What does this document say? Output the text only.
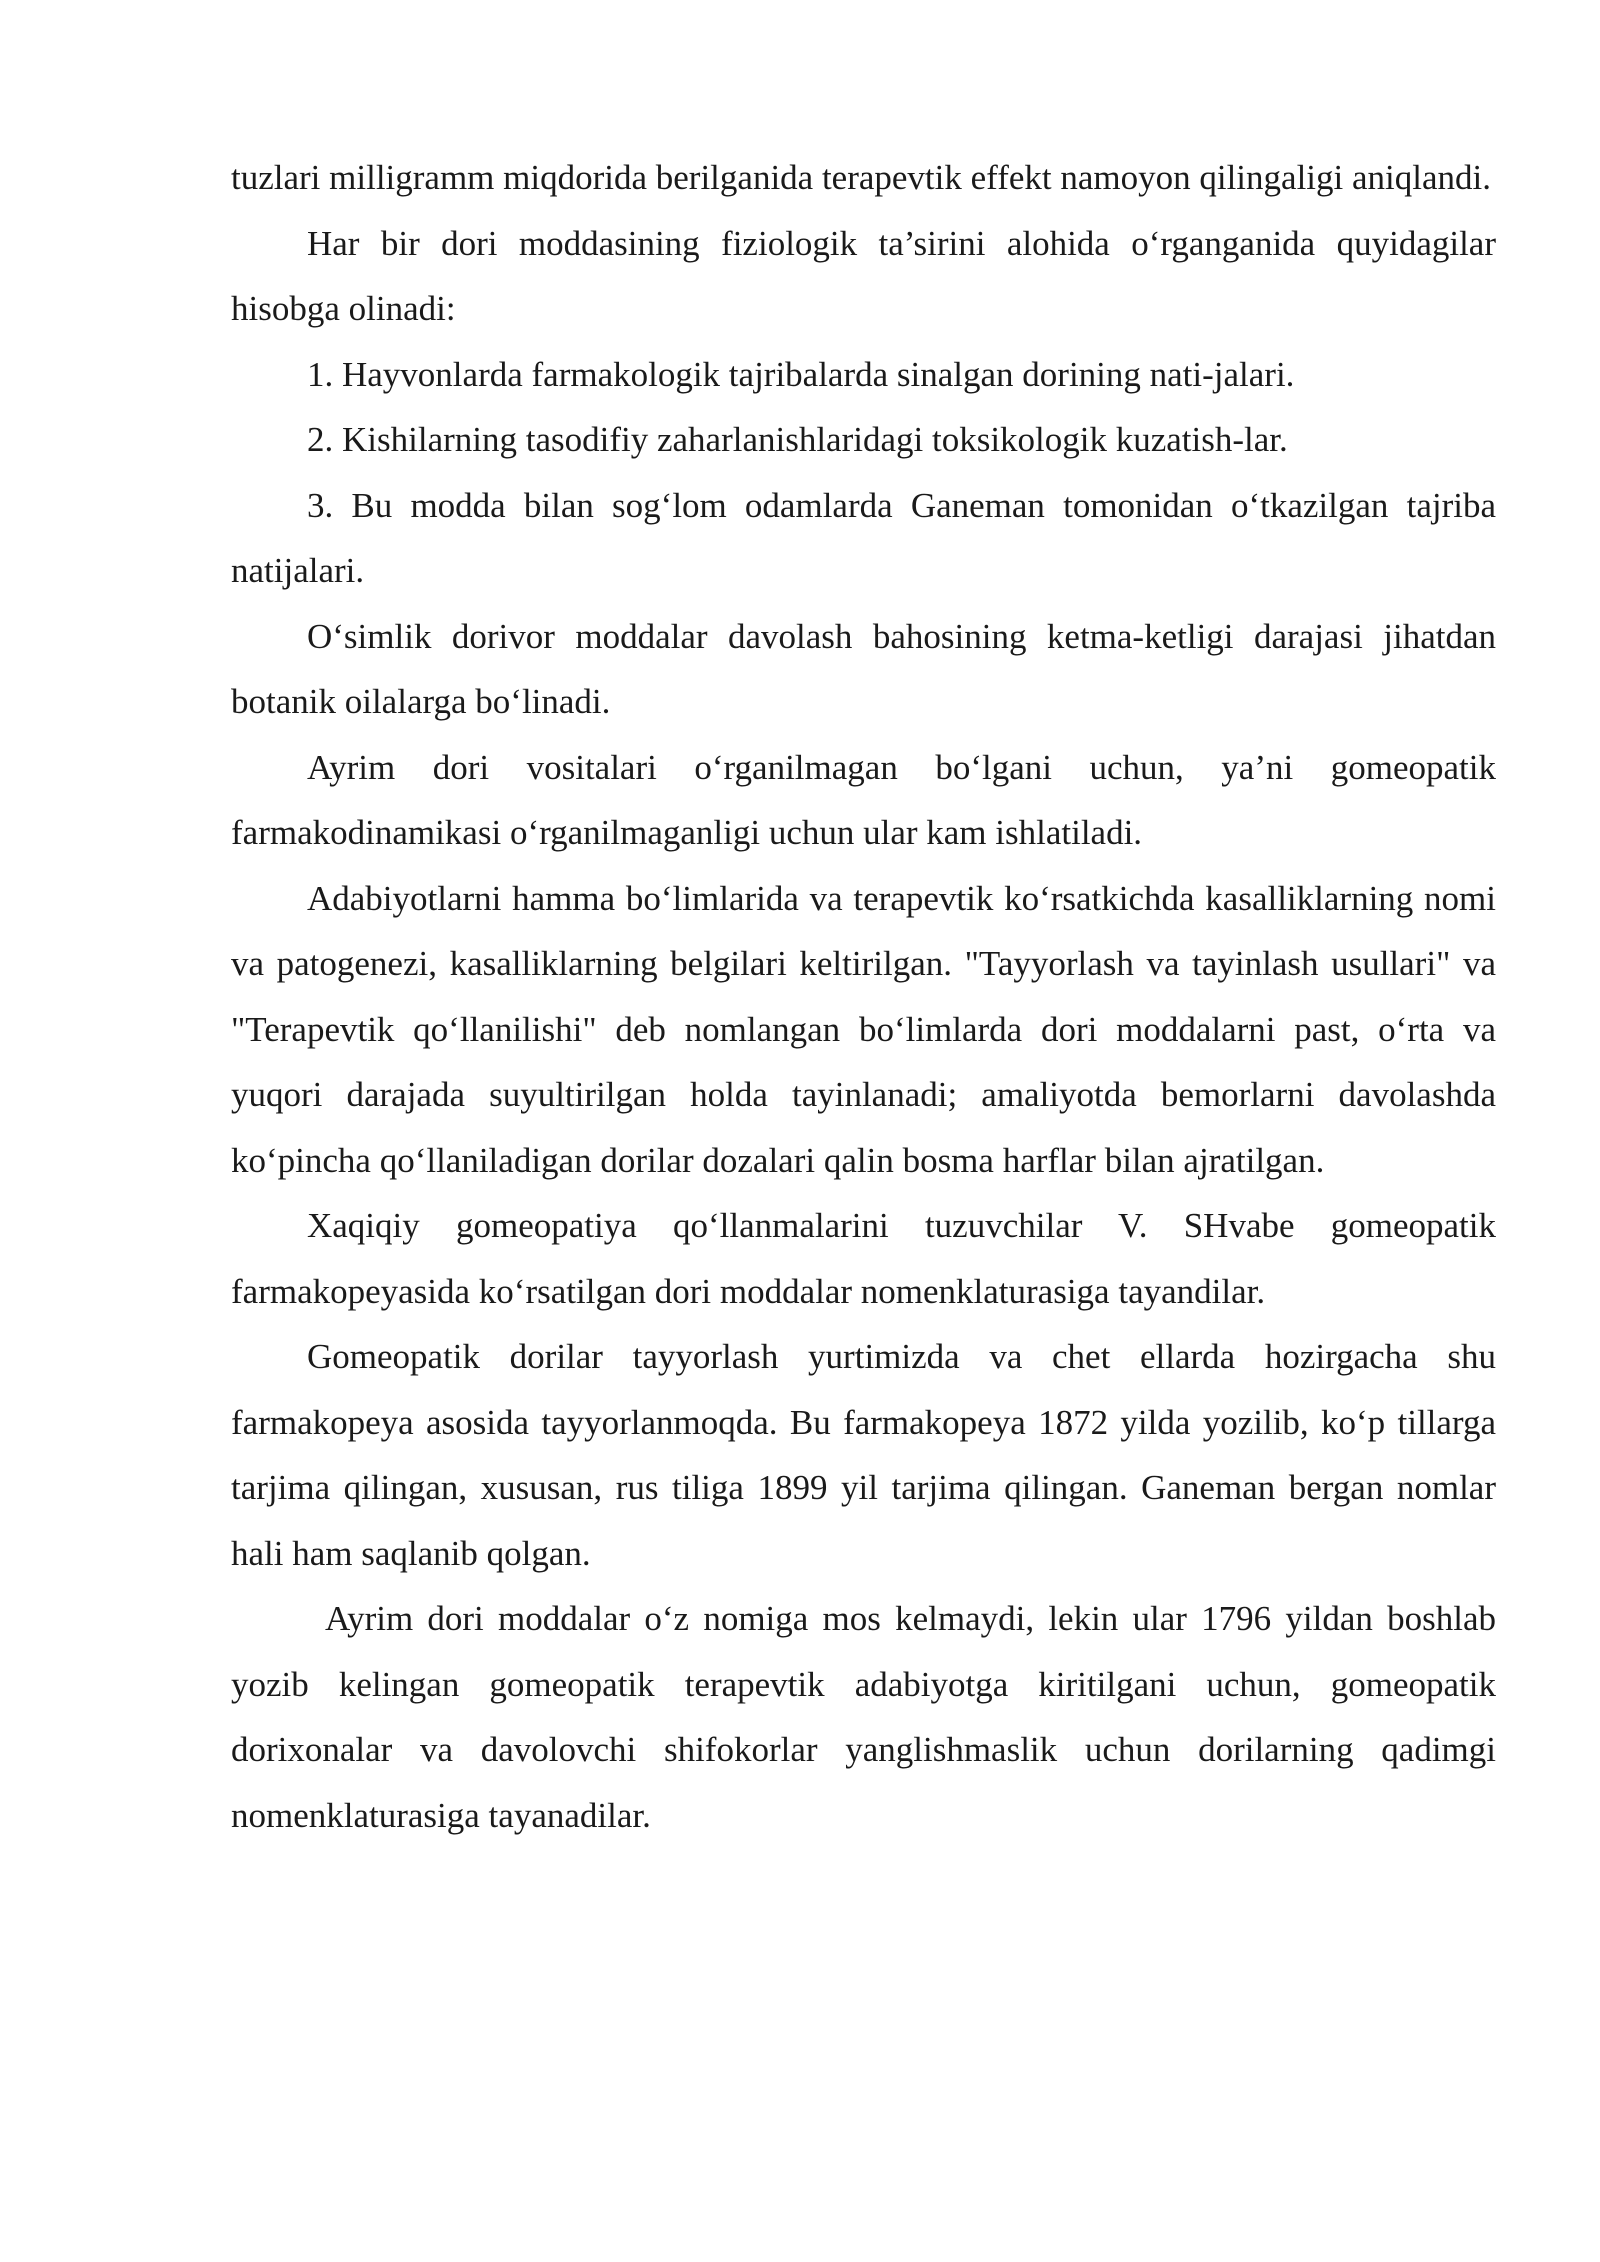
tuzlari milligramm miqdorida berilganida terapevtik effekt namoyon qilingaligi aniqlandi.

Har bir dori moddasining fiziologik ta’sirini alohida o‘rganganida quyidagilar hisobga olinadi:

1. Hayvonlarda farmakologik tajribalarda sinalgan dorining nati-jalari.

2. Kishilarning tasodifiy zaharlanishlaridagi toksikologik kuzatish-lar.

3. Bu modda bilan sog‘lom odamlarda Ganeman tomonidan o‘tkazilgan tajriba natijalari.

O‘simlik dorivor moddalar davolash bahosining ketma-ketligi darajasi jihatdan botanik oilalarga bo‘linadi.

Ayrim dori vositalari o‘rganilmagan bo‘lgani uchun, ya’ni gomeopatik farmakodinamikasi o‘rganilmaganligi uchun ular kam ishlatiladi.

Adabiyotlarni hamma bo‘limlarida va terapevtik ko‘rsatkichda kasalliklarning nomi va patogenezi, kasalliklarning belgilari keltirilgan. "Tayyorlash va tayinlash usullari" va "Terapevtik qo‘llanilishi" deb nomlangan bo‘limlarda dori moddalarni past, o‘rta va yuqori darajada suyultirilgan holda tayinlanadi; amaliyotda bemorlarni davolashda ko‘pincha qo‘llaniladigan dorilar dozalari qalin bosma harflar bilan ajratilgan.

Xaqiqiy gomeopatiya qo‘llanmalarini tuzuvchilar V. SHvabe gomeopatik farmakopeyasida ko‘rsatilgan dori moddalar nomenklaturasiga tayandilar.

Gomeopatik dorilar tayyorlash yurtimizda va chet ellarda hozirgacha shu farmakopeya asosida tayyorlanmoqda. Bu farmakopeya 1872 yilda yozilib, ko‘p tillarga tarjima qilingan, xususan, rus tiliga 1899 yil tarjima qilingan. Ganeman bergan nomlar hali ham saqlanib qolgan.

Ayrim dori moddalar o‘z nomiga mos kelmaydi, lekin ular 1796 yildan boshlab yozib kelingan gomeopatik terapevtik adabiyotga kiritilgani uchun, gomeopatik dorixonalar va davolovchi shifokorlar yanglishmaslik uchun dorilarning qadimgi nomenklaturasiga tayanadilar.
